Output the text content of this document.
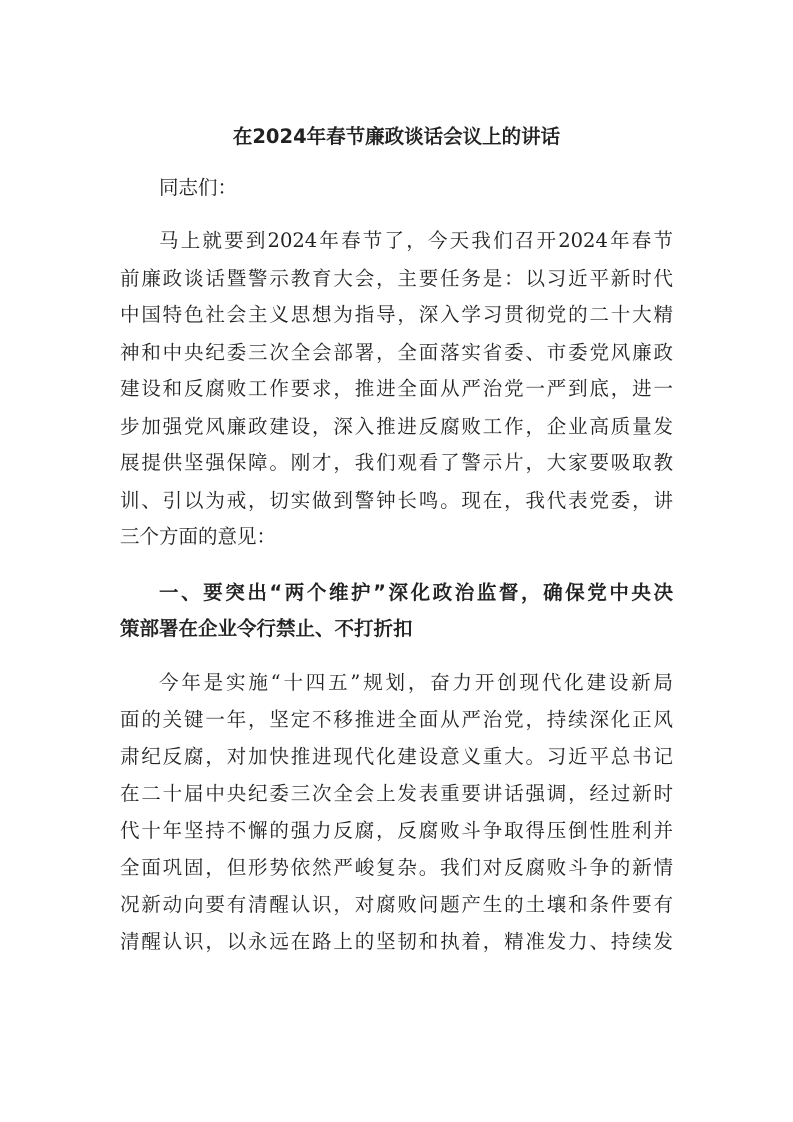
在2024年春节廉政谈话会议上的讲话
同志们：
马上就要到2024年春节了，今天我们召开2024年春节
前廉政谈话暨警示教育大会，主要任务是：以习近平新时代
中国特色社会主义思想为指导，深入学习贯彻党的二十大精
神和中央纪委三次全会部署，全面落实省委、市委党风廉政
建设和反腐败工作要求，推进全面从严治党一严到底，进一
步加强党风廉政建设，深入推进反腐败工作，企业高质量发
展提供坚强保障。刚才，我们观看了警示片，大家要吸取教
训、引以为戒，切实做到警钟长鸣。现在，我代表党委，讲
三个方面的意见：
一、要突出“两个维护”深化政治监督，确保党中央决
策部署在企业令行禁止、不打折扣
今年是实施“十四五”规划，奋力开创现代化建设新局
面的关键一年，坚定不移推进全面从严治党，持续深化正风
肃纪反腐，对加快推进现代化建设意义重大。习近平总书记
在二十届中央纪委三次全会上发表重要讲话强调，经过新时
代十年坚持不懈的强力反腐，反腐败斗争取得压倒性胜利并
全面巩固，但形势依然严峻复杂。我们对反腐败斗争的新情
况新动向要有清醒认识，对腐败问题产生的土壤和条件要有
清醒认识，以永远在路上的坚韧和执着，精准发力、持续发
